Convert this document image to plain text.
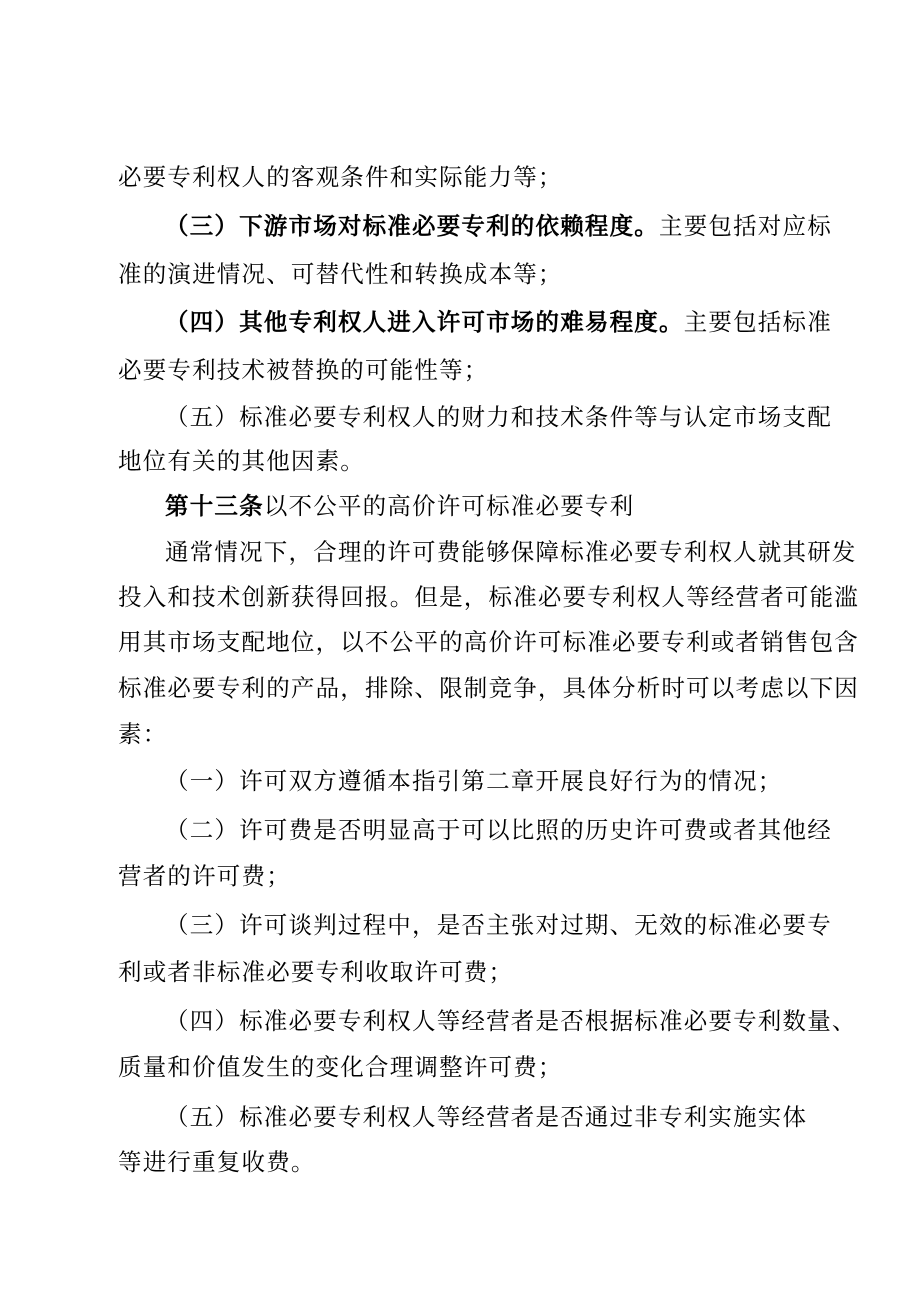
必要专利权人的客观条件和实际能力等；
（三）下游市场对标准必要专利的依赖程度。主要包括对应标
准的演进情况、可替代性和转换成本等；
（四）其他专利权人进入许可市场的难易程度。主要包括标准
必要专利技术被替换的可能性等；
（五）标准必要专利权人的财力和技术条件等与认定市场支配
地位有关的其他因素。
第十三条以不公平的高价许可标准必要专利
通常情况下，合理的许可费能够保障标准必要专利权人就其研发
投入和技术创新获得回报。但是，标准必要专利权人等经营者可能滥
用其市场支配地位，以不公平的高价许可标准必要专利或者销售包含
标准必要专利的产品，排除、限制竞争，具体分析时可以考虑以下因
素：
（一）许可双方遵循本指引第二章开展良好行为的情况；
（二）许可费是否明显高于可以比照的历史许可费或者其他经
营者的许可费；
（三）许可谈判过程中，是否主张对过期、无效的标准必要专
利或者非标准必要专利收取许可费；
（四）标准必要专利权人等经营者是否根据标准必要专利数量、
质量和价值发生的变化合理调整许可费；
（五）标准必要专利权人等经营者是否通过非专利实施实体
等进行重复收费。
